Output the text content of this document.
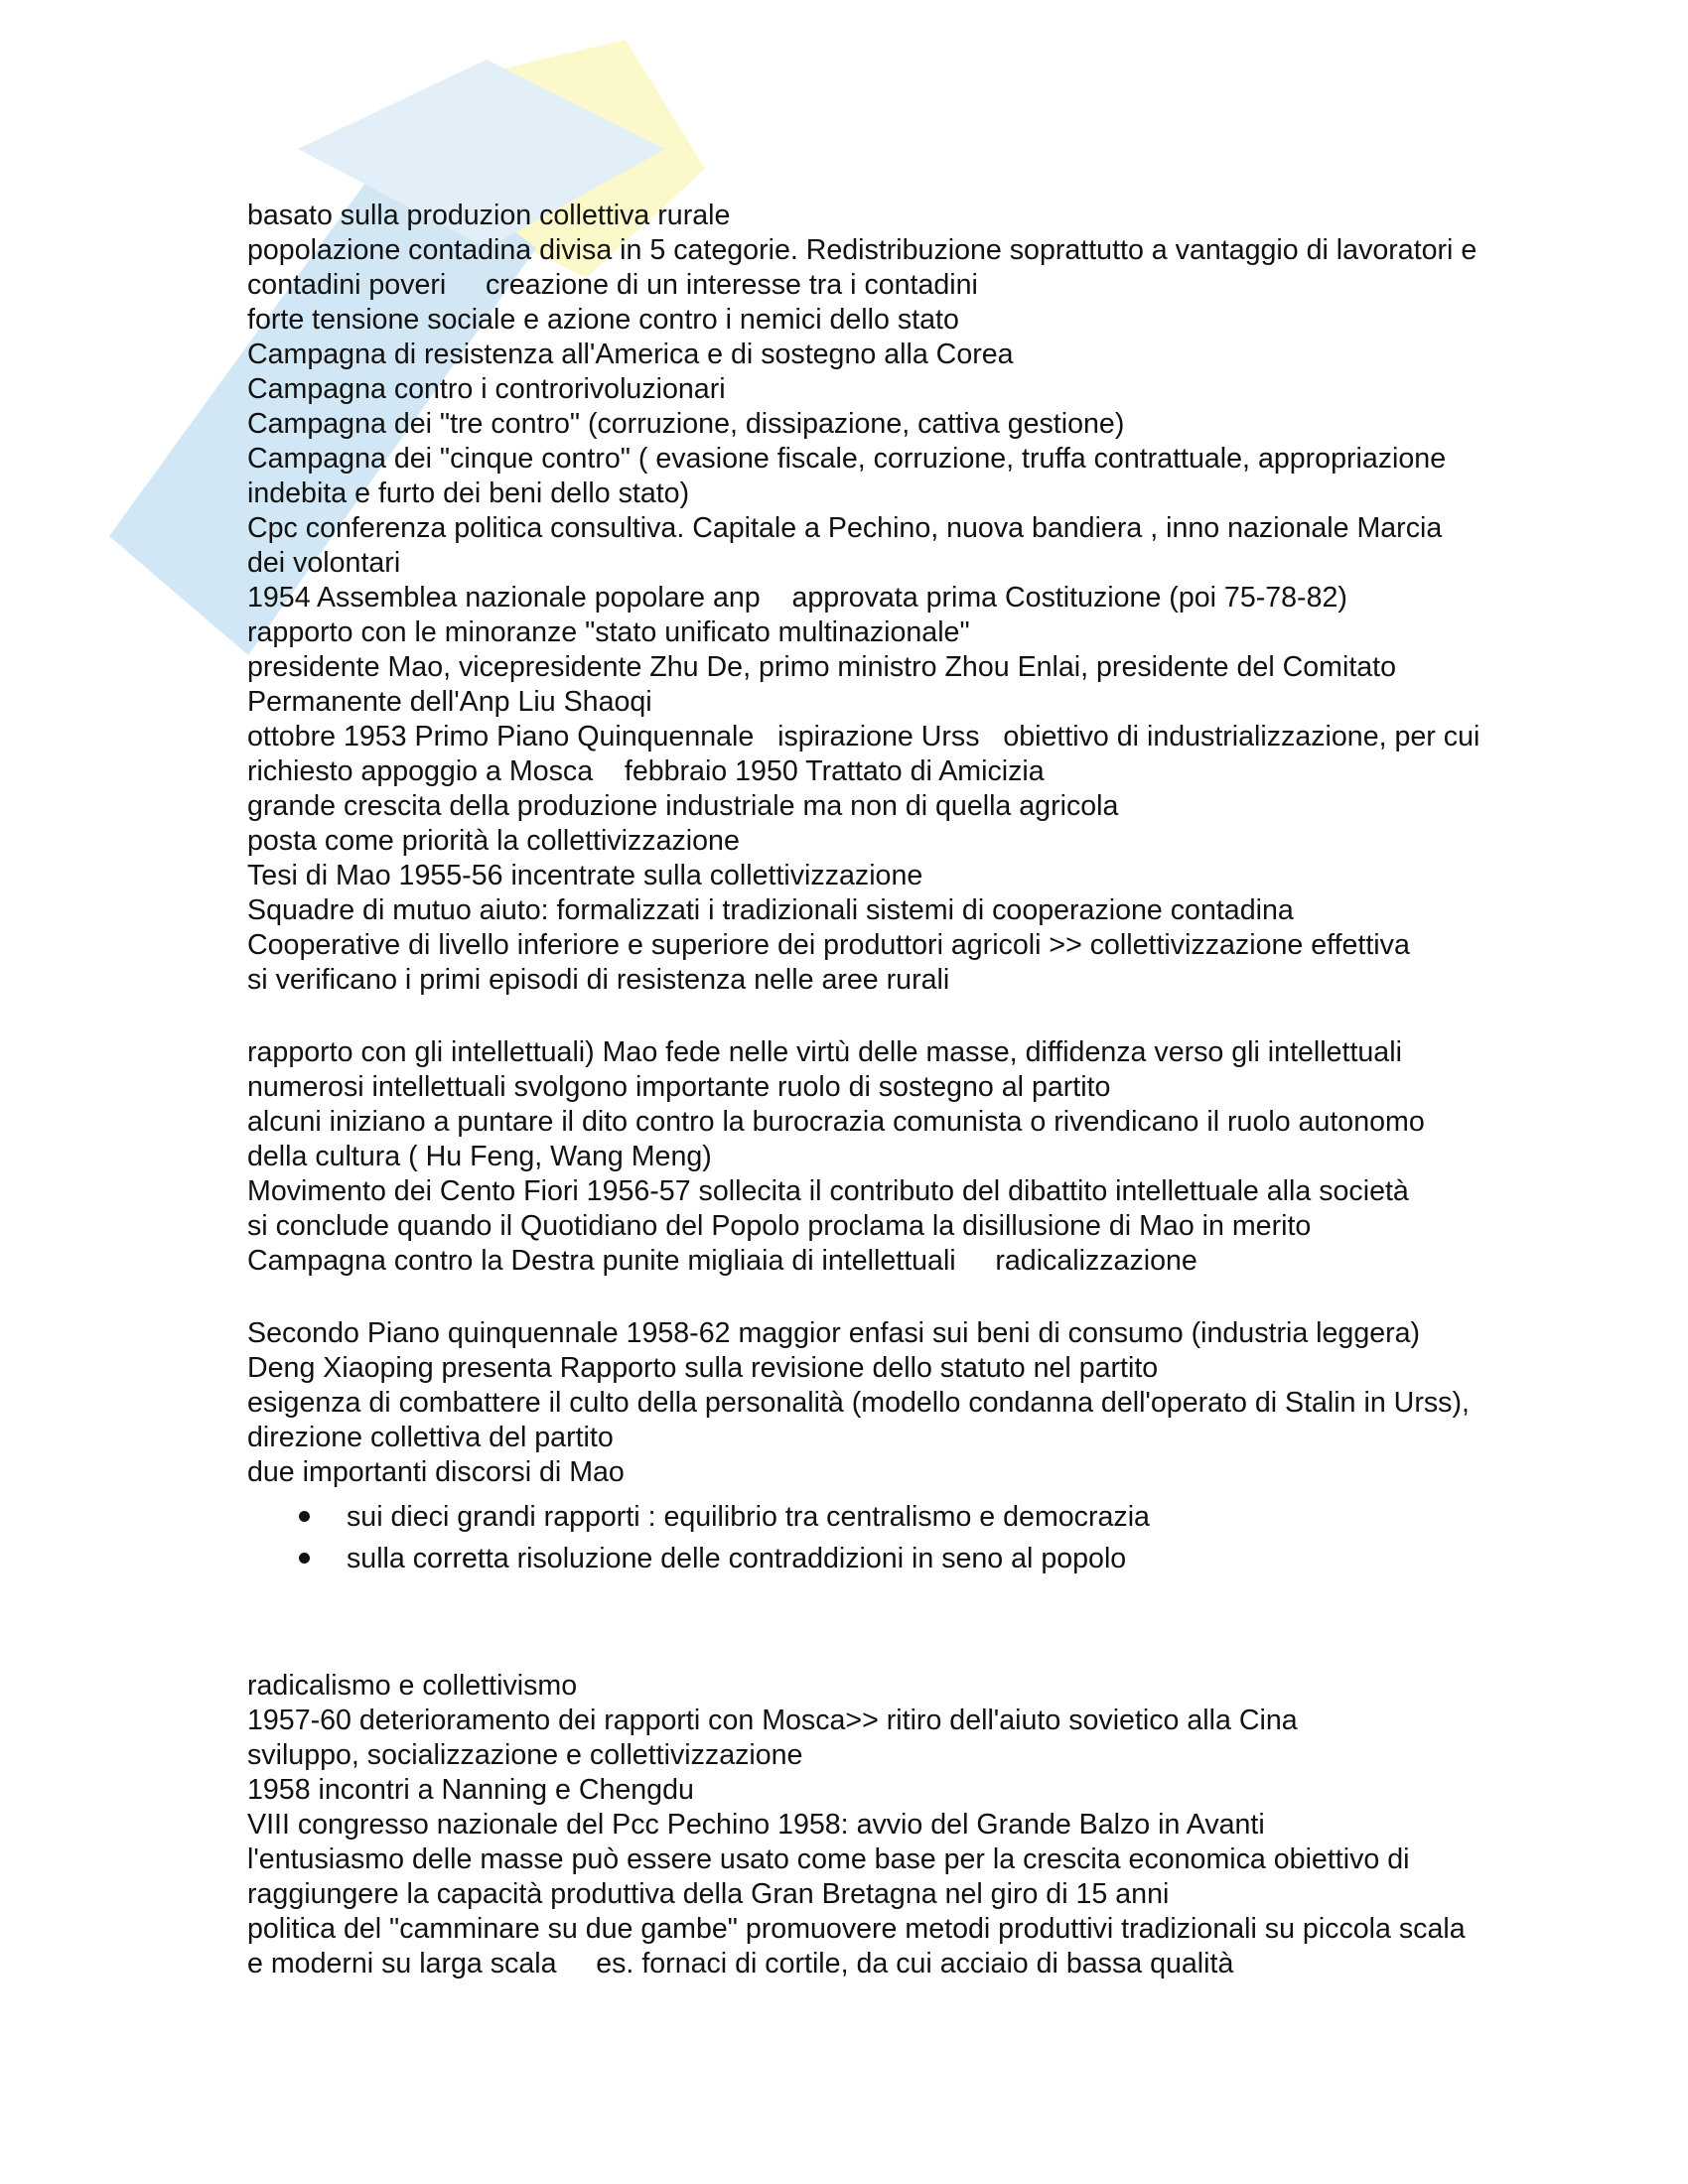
basato sulla produzion collettiva rurale
popolazione contadina divisa in 5 categorie. Redistribuzione soprattutto a vantaggio di lavoratori e
contadini poveri     creazione di un interesse tra i contadini
forte tensione sociale e azione contro i nemici dello stato
Campagna di resistenza all'America e di sostegno alla Corea
Campagna contro i controrivoluzionari
Campagna dei "tre contro" (corruzione, dissipazione, cattiva gestione)
Campagna dei "cinque contro" ( evasione fiscale, corruzione, truffa contrattuale, appropriazione
indebita e furto dei beni dello stato)
Cpc conferenza politica consultiva. Capitale a Pechino, nuova bandiera , inno nazionale Marcia
dei volontari
1954 Assemblea nazionale popolare anp    approvata prima Costituzione (poi 75-78-82)
rapporto con le minoranze "stato unificato multinazionale"
presidente Mao, vicepresidente Zhu De, primo ministro Zhou Enlai, presidente del Comitato
Permanente dell'Anp Liu Shaoqi
ottobre 1953 Primo Piano Quinquennale   ispirazione Urss   obiettivo di industrializzazione, per cui
richiesto appoggio a Mosca    febbraio 1950 Trattato di Amicizia
grande crescita della produzione industriale ma non di quella agricola
posta come priorità la collettivizzazione
Tesi di Mao 1955-56 incentrate sulla collettivizzazione
Squadre di mutuo aiuto: formalizzati i tradizionali sistemi di cooperazione contadina
Cooperative di livello inferiore e superiore dei produttori agricoli >> collettivizzazione effettiva
si verificano i primi episodi di resistenza nelle aree rurali
rapporto con gli intellettuali) Mao fede nelle virtù delle masse, diffidenza verso gli intellettuali
numerosi intellettuali svolgono importante ruolo di sostegno al partito
alcuni iniziano a puntare il dito contro la burocrazia comunista o rivendicano il ruolo autonomo
della cultura ( Hu Feng, Wang Meng)
Movimento dei Cento Fiori 1956-57 sollecita il contributo del dibattito intellettuale alla società
si conclude quando il Quotidiano del Popolo proclama la disillusione di Mao in merito
Campagna contro la Destra punite migliaia di intellettuali     radicalizzazione
Secondo Piano quinquennale 1958-62 maggior enfasi sui beni di consumo (industria leggera)
Deng Xiaoping presenta Rapporto sulla revisione dello statuto nel partito
esigenza di combattere il culto della personalità (modello condanna dell'operato di Stalin in Urss),
direzione collettiva del partito
due importanti discorsi di Mao
sui dieci grandi rapporti : equilibrio tra centralismo e democrazia
sulla corretta risoluzione delle contraddizioni in seno al popolo
radicalismo e collettivismo
1957-60 deterioramento dei rapporti con Mosca>> ritiro dell'aiuto sovietico alla Cina
sviluppo, socializzazione e collettivizzazione
1958 incontri a Nanning e Chengdu
VIII congresso nazionale del Pcc Pechino 1958: avvio del Grande Balzo in Avanti
l'entusiasmo delle masse può essere usato come base per la crescita economica obiettivo di
raggiungere la capacità produttiva della Gran Bretagna nel giro di 15 anni
politica del "camminare su due gambe" promuovere metodi produttivi tradizionali su piccola scala
e moderni su larga scala     es. fornaci di cortile, da cui acciaio di bassa qualità
